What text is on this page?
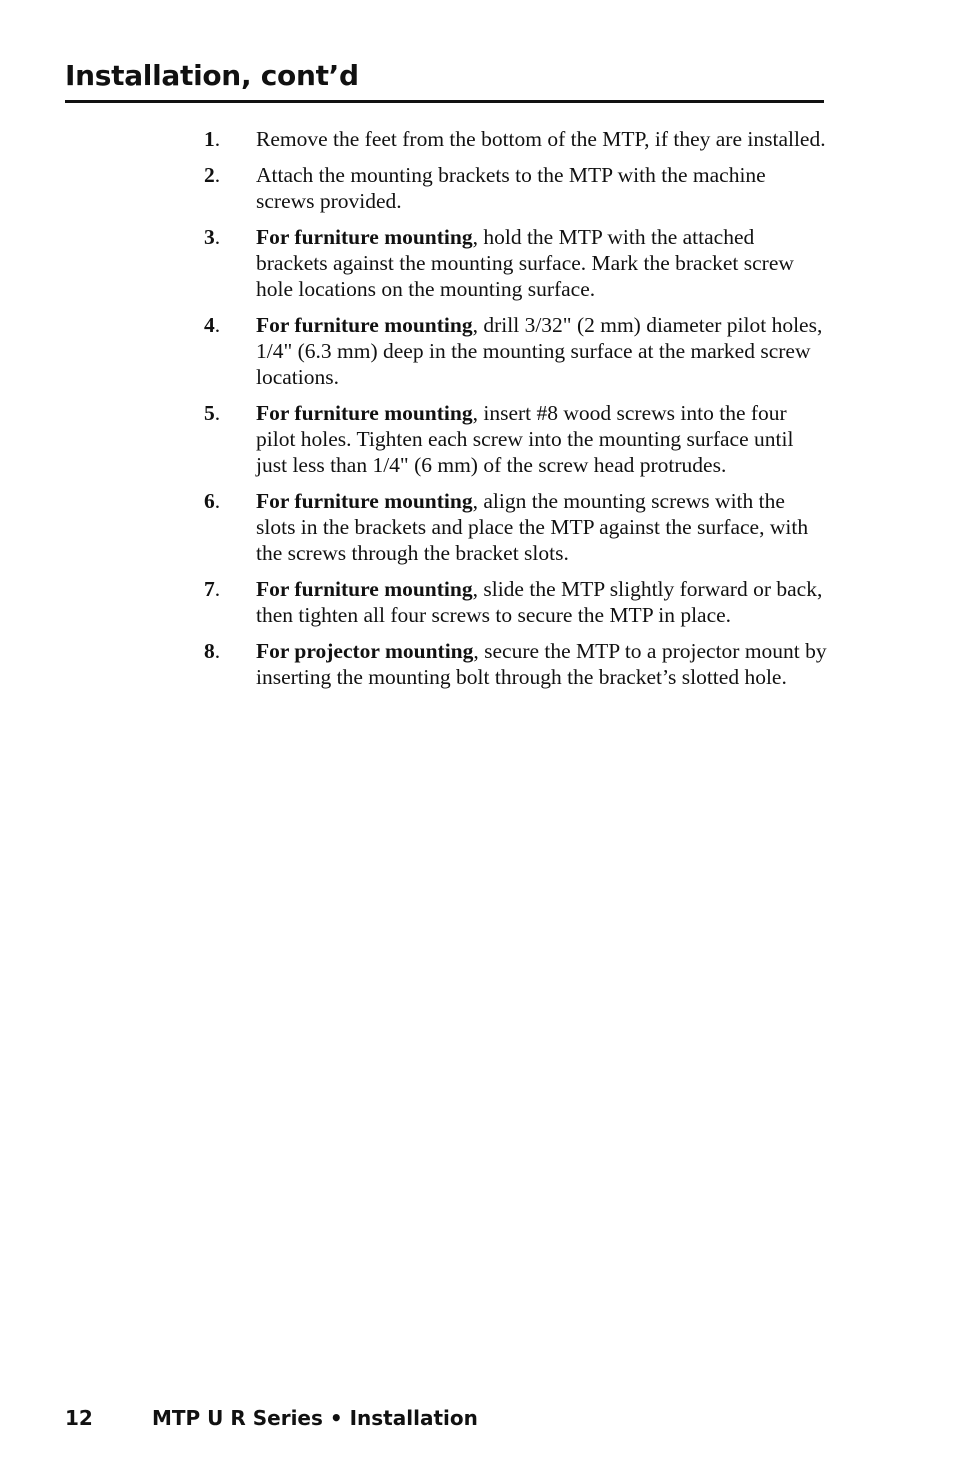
Installation, cont’d
1. Remove the feet from the bottom of the MTP, if they are installed.
2. Attach the mounting brackets to the MTP with the machine screws provided.
3. For furniture mounting, hold the MTP with the attached brackets against the mounting surface. Mark the bracket screw hole locations on the mounting surface.
4. For furniture mounting, drill 3/32" (2 mm) diameter pilot holes, 1/4" (6.3 mm) deep in the mounting surface at the marked screw locations.
5. For furniture mounting, insert #8 wood screws into the four pilot holes. Tighten each screw into the mounting surface until just less than 1/4" (6 mm) of the screw head protrudes.
6. For furniture mounting, align the mounting screws with the slots in the brackets and place the MTP against the surface, with the screws through the bracket slots.
7. For furniture mounting, slide the MTP slightly forward or back, then tighten all four screws to secure the MTP in place.
8. For projector mounting, secure the MTP to a projector mount by inserting the mounting bolt through the bracket’s slotted hole.
12	MTP U R Series • Installation
